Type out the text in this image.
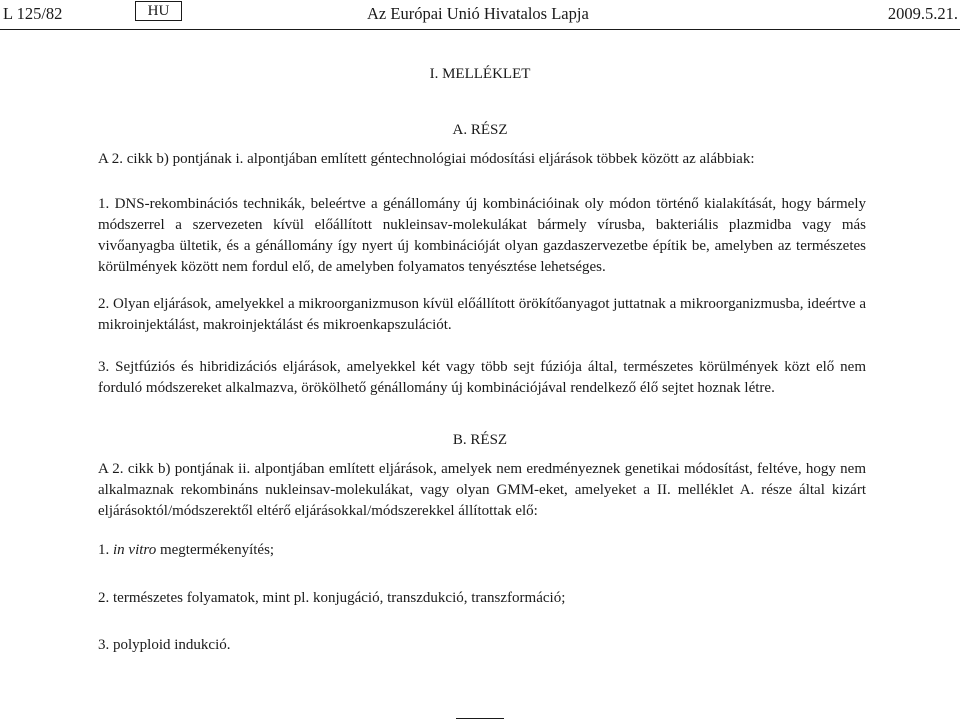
L 125/82	HU	Az Európai Unió Hivatalos Lapja	2009.5.21.
I. MELLÉKLET
A. RÉSZ
A 2. cikk b) pontjának i. alpontjában említett géntechnológiai módosítási eljárások többek között az alábbiak:
1. DNS-rekombinációs technikák, beleértve a génállomány új kombinációinak oly módon történő kialakítását, hogy bármely módszerrel a szervezeten kívül előállított nukleinsav-molekulákat bármely vírusba, bakteriális plazmidba vagy más vivőanyagba ültetik, és a génállomány így nyert új kombinációját olyan gazdaszervezetbe építik be, amelyben az természetes körülmények között nem fordul elő, de amelyben folyamatos tenyésztése lehetséges.
2. Olyan eljárások, amelyekkel a mikroorganizmuson kívül előállított örökítőanyagot juttatnak a mikroorganizmusba, ideértve a mikroinjektálást, makroinjektálást és mikroenkapszulációt.
3. Sejtfúziós és hibridizációs eljárások, amelyekkel két vagy több sejt fúziója által, természetes körülmények közt elő nem forduló módszereket alkalmazva, örökölhető génállomány új kombinációjával rendelkező élő sejtet hoznak létre.
B. RÉSZ
A 2. cikk b) pontjának ii. alpontjában említett eljárások, amelyek nem eredményeznek genetikai módosítást, feltéve, hogy nem alkalmaznak rekombináns nukleinsav-molekulákat, vagy olyan GMM-eket, amelyeket a II. melléklet A. része által kizárt eljárásoktól/módszerektől eltérő eljárásokkal/módszerekkel állítottak elő:
1. in vitro megtermékenyítés;
2. természetes folyamatok, mint pl. konjugáció, transzdukció, transzformáció;
3. polyploid indukció.
